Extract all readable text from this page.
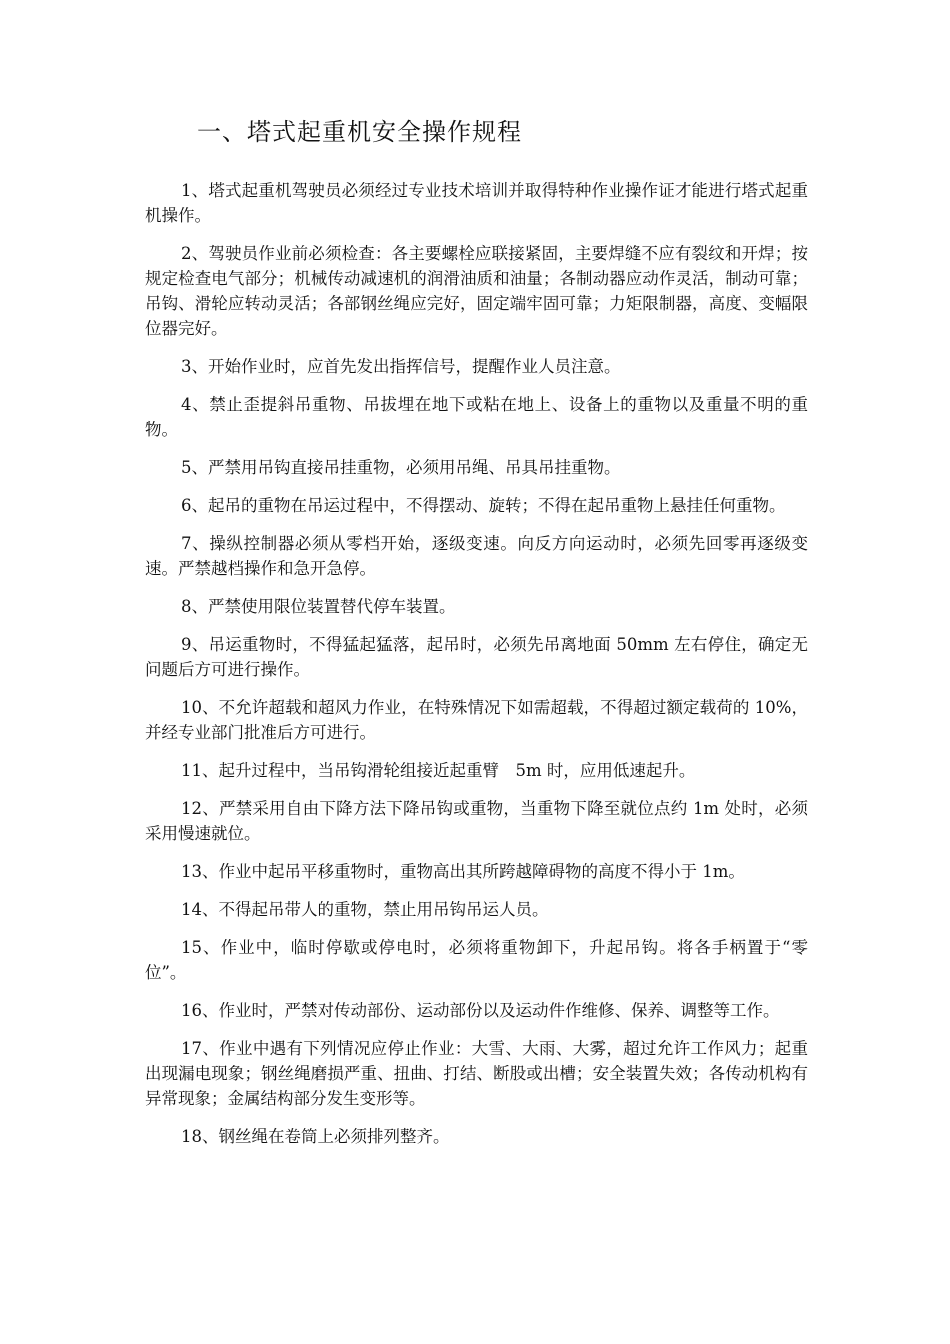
一、塔式起重机安全操作规程
1、塔式起重机驾驶员必须经过专业技术培训并取得特种作业操作证才能进行塔式起重机操作。
2、驾驶员作业前必须检查：各主要螺栓应联接紧固，主要焊缝不应有裂纹和开焊；按规定检查电气部分；机械传动减速机的润滑油质和油量；各制动器应动作灵活，制动可靠；吊钩、滑轮应转动灵活；各部钢丝绳应完好，固定端牢固可靠；力矩限制器，高度、变幅限位器完好。
3、开始作业时，应首先发出指挥信号，提醒作业人员注意。
4、禁止歪提斜吊重物、吊拔埋在地下或粘在地上、设备上的重物以及重量不明的重物。
5、严禁用吊钩直接吊挂重物，必须用吊绳、吊具吊挂重物。
6、起吊的重物在吊运过程中，不得摆动、旋转；不得在起吊重物上悬挂任何重物。
7、操纵控制器必须从零档开始，逐级变速。向反方向运动时，必须先回零再逐级变速。严禁越档操作和急开急停。
8、严禁使用限位装置替代停车装置。
9、吊运重物时，不得猛起猛落，起吊时，必须先吊离地面 50mm 左右停住，确定无问题后方可进行操作。
10、不允许超载和超风力作业，在特殊情况下如需超载，不得超过额定载荷的 10%，并经专业部门批准后方可进行。
11、起升过程中，当吊钩滑轮组接近起重臂　5m 时，应用低速起升。
12、严禁采用自由下降方法下降吊钩或重物，当重物下降至就位点约 1m 处时，必须采用慢速就位。
13、作业中起吊平移重物时，重物高出其所跨越障碍物的高度不得小于 1m。
14、不得起吊带人的重物，禁止用吊钩吊运人员。
15、作业中，临时停歇或停电时，必须将重物卸下，升起吊钩。将各手柄置于“零位”。
16、作业时，严禁对传动部份、运动部份以及运动件作维修、保养、调整等工作。
17、作业中遇有下列情况应停止作业：大雪、大雨、大雾，超过允许工作风力；起重出现漏电现象；钢丝绳磨损严重、扭曲、打结、断股或出槽；安全装置失效；各传动机构有异常现象；金属结构部分发生变形等。
18、钢丝绳在卷筒上必须排列整齐。
